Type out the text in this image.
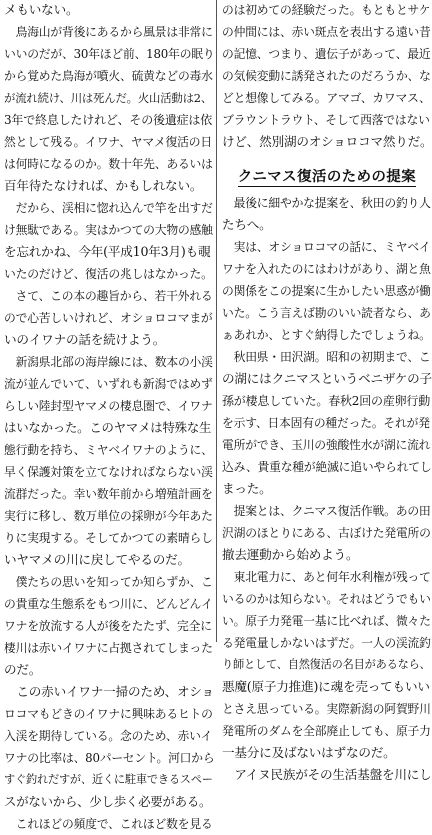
メもいない。
　鳥海山が背後にあるから風景は非常に
いいのだが、30年ほど前、180年の眠り
から覚めた鳥海が噴火、硫黄などの毒水
が流れ続け、川は死んだ。火山活動は2、
3年で終息したけれど、その後遺症は依
然として残る。イワナ、ヤマメ復活の日
は何時になるのか。数十年先、あるいは
百年待たなければ、かもしれない。
　だから、渓相に惚れ込んで竿を出すだ
け無駄である。実はかつての大物の感触
を忘れかね、今年(平成10年3月)も覗
いたのだけど、復活の兆しはなかった。
　さて、この本の趣旨から、若干外れる
ので心苦しいけれど、オショロコマまが
いのイワナの話を続けよう。
　新潟県北部の海岸線には、数本の小渓
流が並んでいて、いずれも新潟ではめず
らしい陸封型ヤマメの棲息圏で、イワナ
はいなかった。このヤマメは特殊な生
態行動を持ち、ミヤベイワナのように、
早く保護対策を立てなければならない渓
流群だった。幸い数年前から増殖計画を
実行に移し、数万単位の採卵が今年あた
りに実現する。そしてかつての素晴らし
いヤマメの川に戻してやるのだ。
　僕たちの思いを知ってか知らずか、こ
の貴重な生態系をもつ川に、どんどんイ
ワナを放流する人が後をたたず、完全に
棲川は赤いイワナに占拠されてしまった
のだ。
　この赤いイワナ一掃のため、オショ
ロコマもどきのイワナに興味あるヒトの
入渓を期待している。念のため、赤いイ
ワナの比率は、80パーセント。河口から
すぐ釣れだすが、近くに駐車できるスペー
スがないから、少し歩く必要がある。
　これほどの頻度で、これほど数を見る
のは初めての経験だった。もともとサケ
の仲間には、赤い斑点を表出する遠い昔
の記憶、つまり、遺伝子があって、最近
の気候変動に誘発されたのだろうか、な
どと想像してみる。アマゴ、カワマス、
ブラウントラウト、そして西落ではない
けど、然別湖のオショロコマ然りだ。
クニマス復活のための提案
　最後に細やかな提案を、秋田の釣り人
たちへ。
　実は、オショロコマの話に、ミヤベイ
ワナを入れたのにはわけがあり、湖と魚
の関係をこの提案に生かしたい思惑が働
いた。こう言えば勘のいい読者なら、あ
ぁあれか、とすぐ納得したでしょうね。
　秋田県・田沢湖。昭和の初期まで、こ
の湖にはクニマスというベニザケの子
孫が棲息していた。春秋2回の産卵行動
を示す、日本固有の種だった。それが発
電所ができ、玉川の強酸性水が湖に流れ
込み、貴重な種が絶滅に追いやられてし
まった。
　提案とは、クニマス復活作戦。あの田
沢湖のほとりにある、古ぼけた発電所の
撤去運動から始めよう。
　東北電力に、あと何年水利権が残って
いるのかは知らない。それはどうでもい
い。原子力発電一基に比べれば、微々た
る発電量しかないはずだ。一人の渓流釣
り師として、自然復活の名目があるなら、
悪魔(原子力推進)に魂を売ってもいい
とさえ思っている。実際新潟の阿賀野川
発電所のダムを全部廃止しても、原子力
一基分に及ばないはずなのだ。
　アイヌ民族がその生活基盤を川にし
